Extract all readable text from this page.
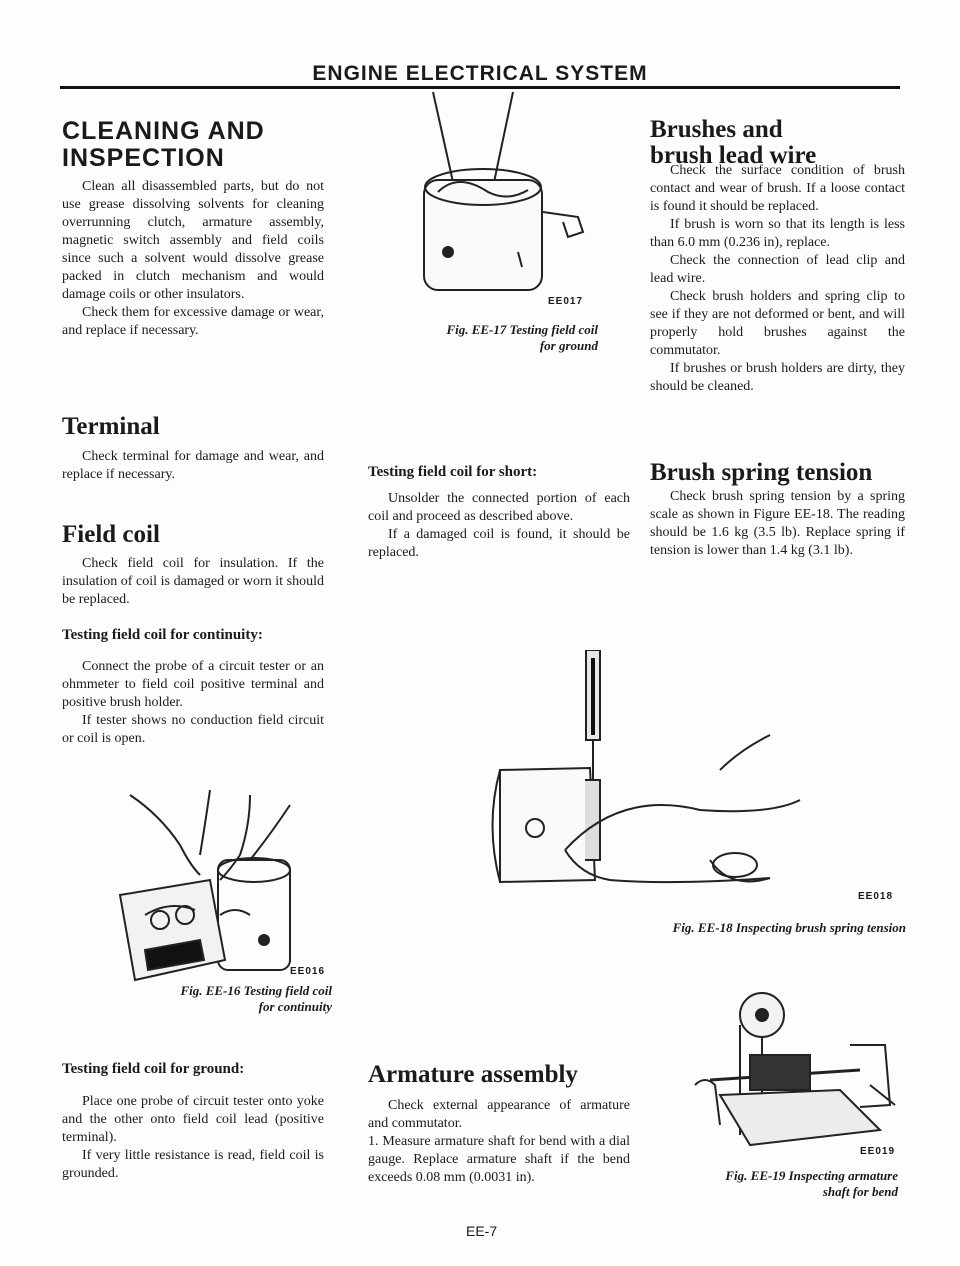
ENGINE ELECTRICAL SYSTEM
CLEANING AND INSPECTION

Clean all disassembled parts, but do not use grease dissolving solvents for cleaning overrunning clutch, armature assembly, magnetic switch assembly and field coils since such a solvent would dissolve grease packed in clutch mechanism and would damage coils or other insulators.

Check them for excessive damage or wear, and replace if necessary.

Terminal

Check terminal for damage and wear, and replace if necessary.

Field coil

Check field coil for insulation. If the insulation of coil is damaged or worn it should be replaced.

Testing field coil for continuity:

Connect the probe of a circuit tester or an ohmmeter to field coil positive terminal and positive brush holder.

If tester shows no conduction field circuit or coil is open.

EE016
Fig. EE-16 Testing field coil
for continuity
Testing field coil for ground:

Place one probe of circuit tester onto yoke and the other onto field coil lead (positive terminal).

If very little resistance is read, field coil is grounded.

EE017
Fig. EE-17 Testing field coil
for ground
Testing field coil for short:

Unsolder the connected portion of each coil and proceed as described above.

If a damaged coil is found, it should be replaced.

EE018
Fig. EE-18 Inspecting brush spring tension
Armature assembly

Check external appearance of armature and commutator.

1. Measure armature shaft for bend with a dial gauge. Replace armature shaft if the bend exceeds 0.08 mm (0.0031 in).

Brushes and
brush lead wire

Check the surface condition of brush contact and wear of brush. If a loose contact is found it should be replaced.

If brush is worn so that its length is less than 6.0 mm (0.236 in), replace.

Check the connection of lead clip and lead wire.

Check brush holders and spring clip to see if they are not deformed or bent, and will properly hold brushes against the commutator.

If brushes or brush holders are dirty, they should be cleaned.

Brush spring tension

Check brush spring tension by a spring scale as shown in Figure EE-18. The reading should be 1.6 kg (3.5 lb). Replace spring if tension is lower than 1.4 kg (3.1 lb).

EE019
Fig. EE-19 Inspecting armature
shaft for bend
EE-7
